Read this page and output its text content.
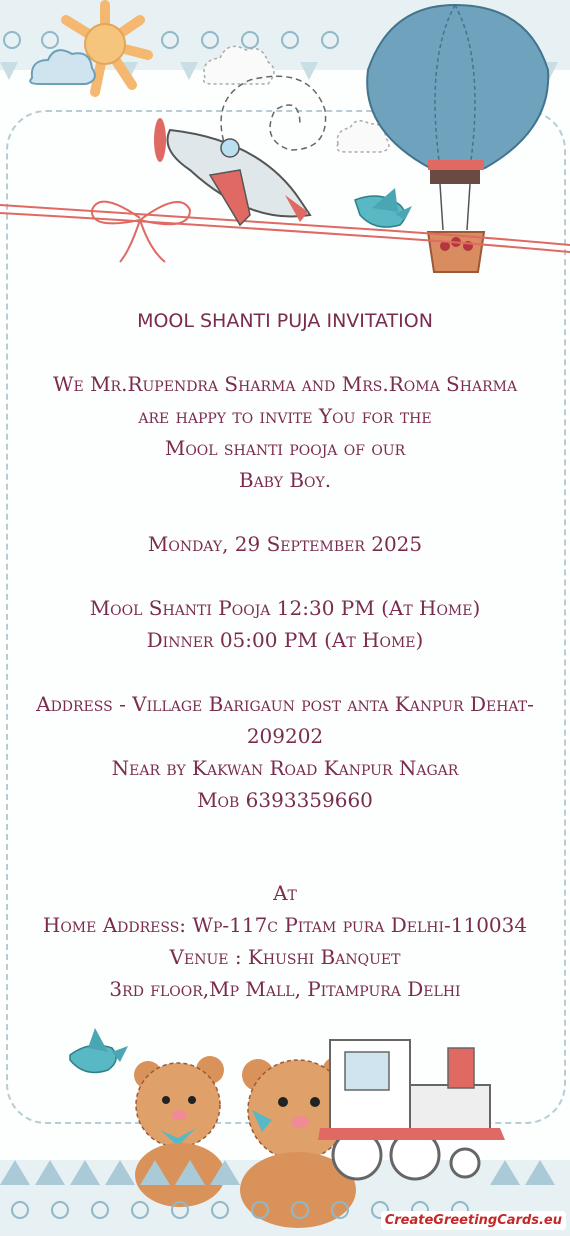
MOOL SHANTI PUJA INVITATION

We Mr.Rupendra Sharma and Mrs.Roma Sharma

are happy to invite You for the

Mool shanti pooja of our

Baby Boy.

Monday, 29 September 2025

Mool Shanti Pooja 12:30 PM (At Home)

Dinner 05:00 PM (At Home)

Address - Village Barigaun post anta Kanpur Dehat-

209202

Near by Kakwan Road Kanpur Nagar

Mob 6393359660

At

Home Address: Wp-117c Pitam pura Delhi-110034

Venue : Khushi Banquet

3rd floor,Mp Mall, Pitampura Delhi

CreateGreetingCards.eu
